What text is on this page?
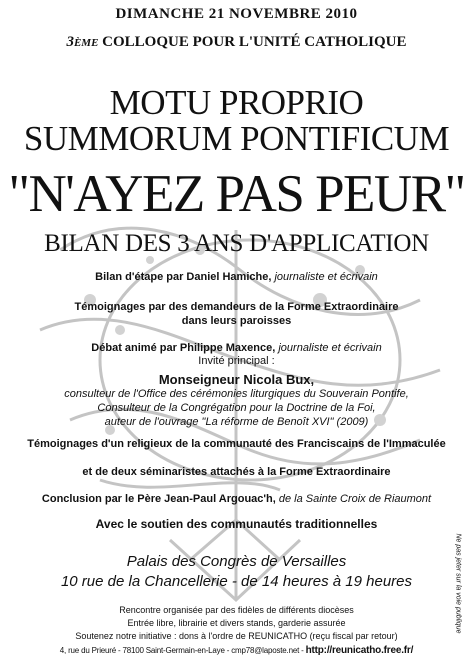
DIMANCHE 21 NOVEMBRE 2010
3ème COLLOQUE POUR L'UNITÉ CATHOLIQUE
MOTU PROPRIO
SUMMORUM PONTIFICUM
"N'AYEZ PAS PEUR"
BILAN DES 3 ANS D'APPLICATION
Bilan d'étape par Daniel Hamiche, journaliste et écrivain
Témoignages par des demandeurs de la Forme Extraordinaire
dans leurs paroisses
Débat animé par Philippe Maxence, journaliste et écrivain
Invité principal :
Monseigneur Nicola Bux,
consulteur de l'Office des cérémonies liturgiques du Souverain Pontife,
Consulteur de la Congrégation pour la Doctrine de la Foi,
auteur de l'ouvrage "La réforme de Benoît XVI" (2009)
Témoignages d'un religieux de la communauté des Franciscains de l'Immaculée
et de deux séminaristes attachés à la Forme Extraordinaire
Conclusion par le Père Jean-Paul Argouac'h, de la Sainte Croix de Riaumont
Avec le soutien des communautés traditionnelles
Palais des Congrès de Versailles
10 rue de la Chancellerie - de 14 heures à 19 heures
Rencontre organisée par des fidèles de différents diocèses
Entrée libre, librairie et divers stands, garderie assurée
Soutenez notre initiative : dons à l'ordre de REUNICATHO (reçu fiscal par retour)
4, rue du Prieuré - 78100 Saint-Germain-en-Laye - cmp78@laposte.net - http://reunicatho.free.fr/
Ne pas jeter sur la voie publique
